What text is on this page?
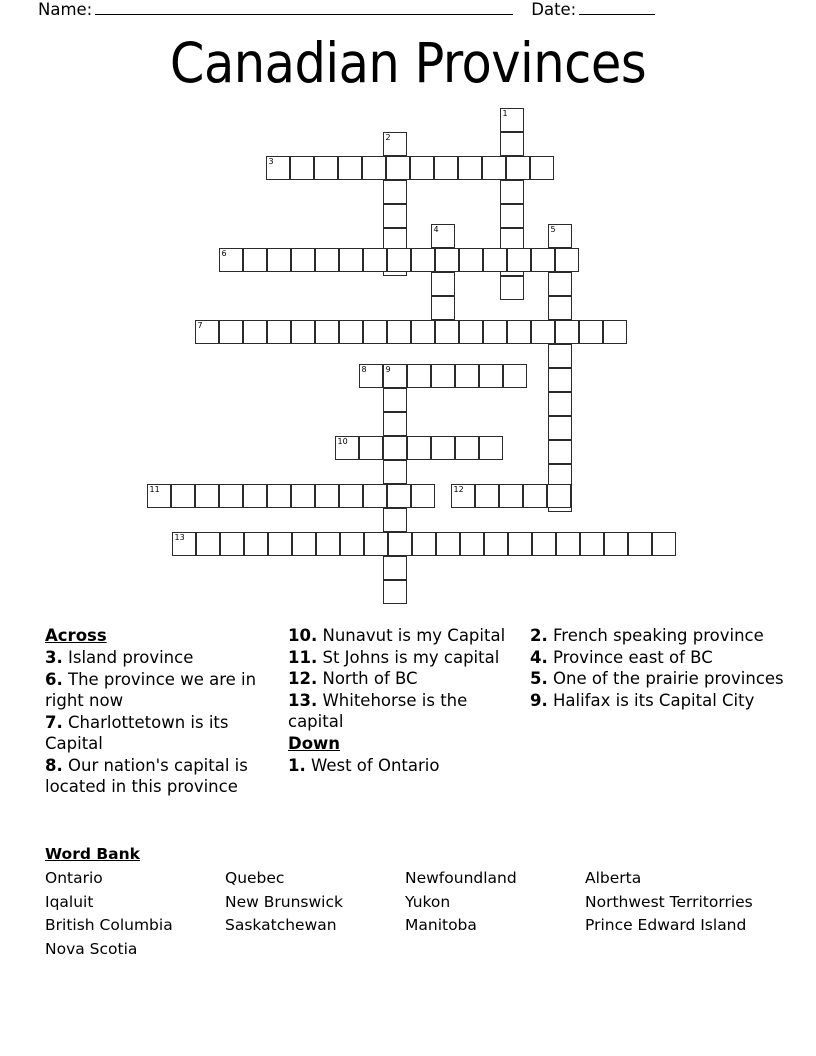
Name:	Date:
Canadian Provinces
1
2
3
4	5
6
7
8 9
10
11	12
13
Across
3. Island province
6. The province we are in right now
7. Charlottetown is its Capital
8. Our nation's capital is located in this province
10. Nunavut is my Capital
11. St Johns is my capital
12. North of BC
13. Whitehorse is the capital
Down
1. West of Ontario
2. French speaking province
4. Province east of BC
5. One of the prairie provinces
9. Halifax is its Capital City
Word Bank
Ontario	Quebec	Newfoundland	Alberta
Iqaluit	New Brunswick	Yukon	Northwest Territorries
British Columbia	Saskatchewan	Manitoba	Prince Edward Island
Nova Scotia
